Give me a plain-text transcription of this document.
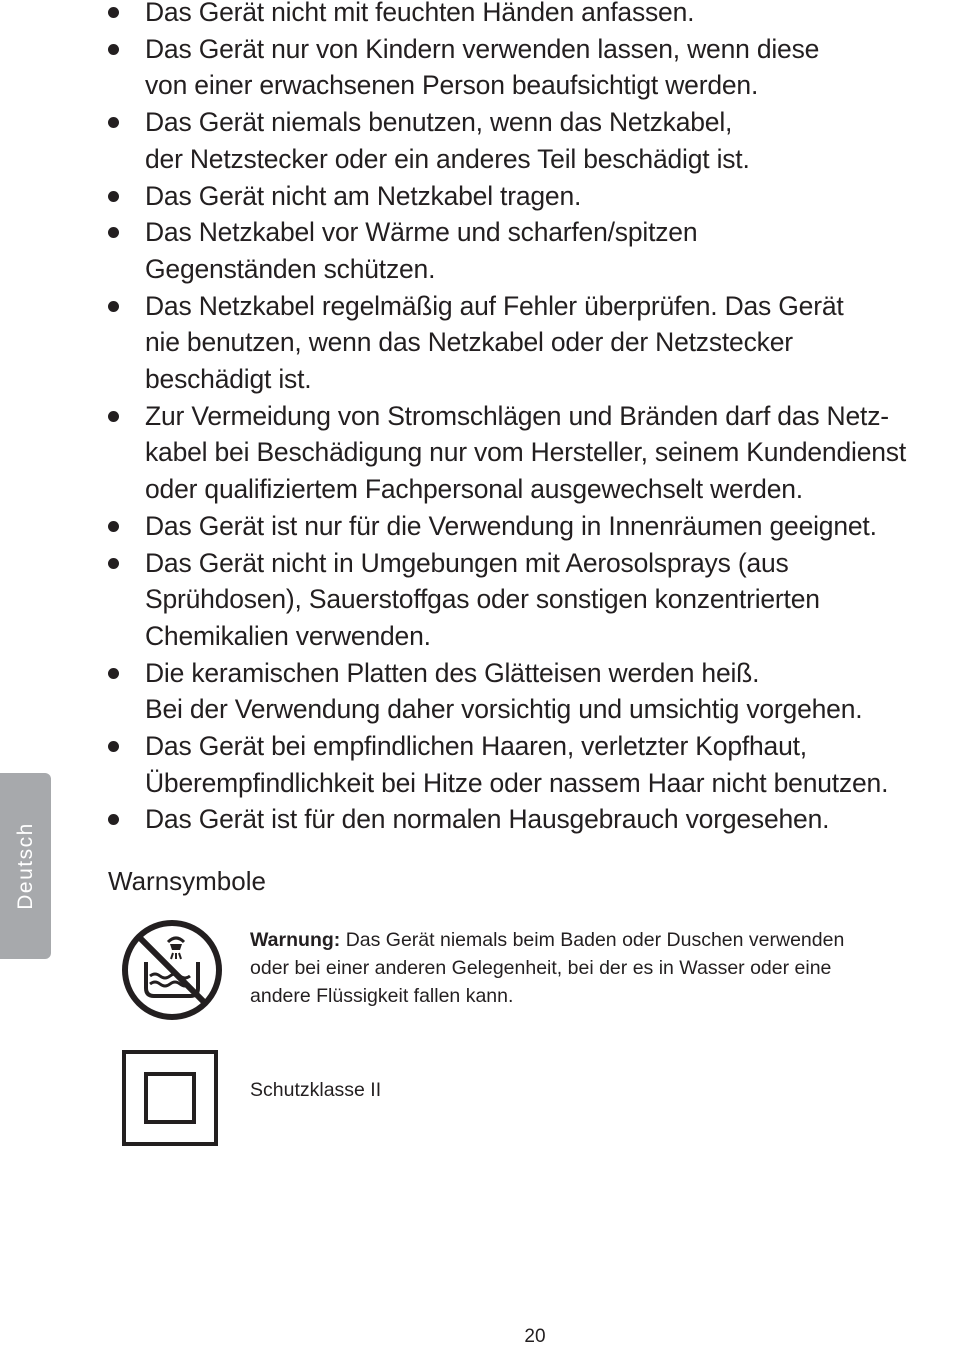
Deutsch
Das Gerät nicht mit feuchten Händen anfassen.
Das Gerät nur von Kindern verwenden lassen, wenn diese
von einer erwachsenen Person beaufsichtigt werden.
Das Gerät niemals benutzen, wenn das Netzkabel,
der Netzstecker oder ein anderes Teil beschädigt ist.
Das Gerät nicht am Netzkabel tragen.
Das Netzkabel vor Wärme und scharfen/spitzen
Gegenständen schützen.
Das Netzkabel regelmäßig auf Fehler überprüfen. Das Gerät
nie benutzen, wenn das Netzkabel oder der Netzstecker
beschädigt ist.
Zur Vermeidung von Stromschlägen und Bränden darf das Netz-
kabel bei Beschädigung nur vom Hersteller, seinem Kundendienst
oder qualifiziertem Fachpersonal ausgewechselt werden.
Das Gerät ist nur für die Verwendung in Innenräumen geeignet.
Das Gerät nicht in Umgebungen mit Aerosolsprays (aus
Sprühdosen), Sauerstoffgas oder sonstigen konzentrierten
Chemikalien verwenden.
Die keramischen Platten des Glätteisen werden heiß.
Bei der Verwendung daher vorsichtig und umsichtig vorgehen.
Das Gerät bei empfindlichen Haaren, verletzter Kopfhaut,
Überempfindlichkeit bei Hitze oder nassem Haar nicht benutzen.
Das Gerät ist für den normalen Hausgebrauch vorgesehen.
Warnsymbole
Warnung: Das Gerät niemals beim Baden oder Duschen verwenden
oder bei einer anderen Gelegenheit, bei der es in Wasser oder eine
andere Flüssigkeit fallen kann.
Schutzklasse II
20
